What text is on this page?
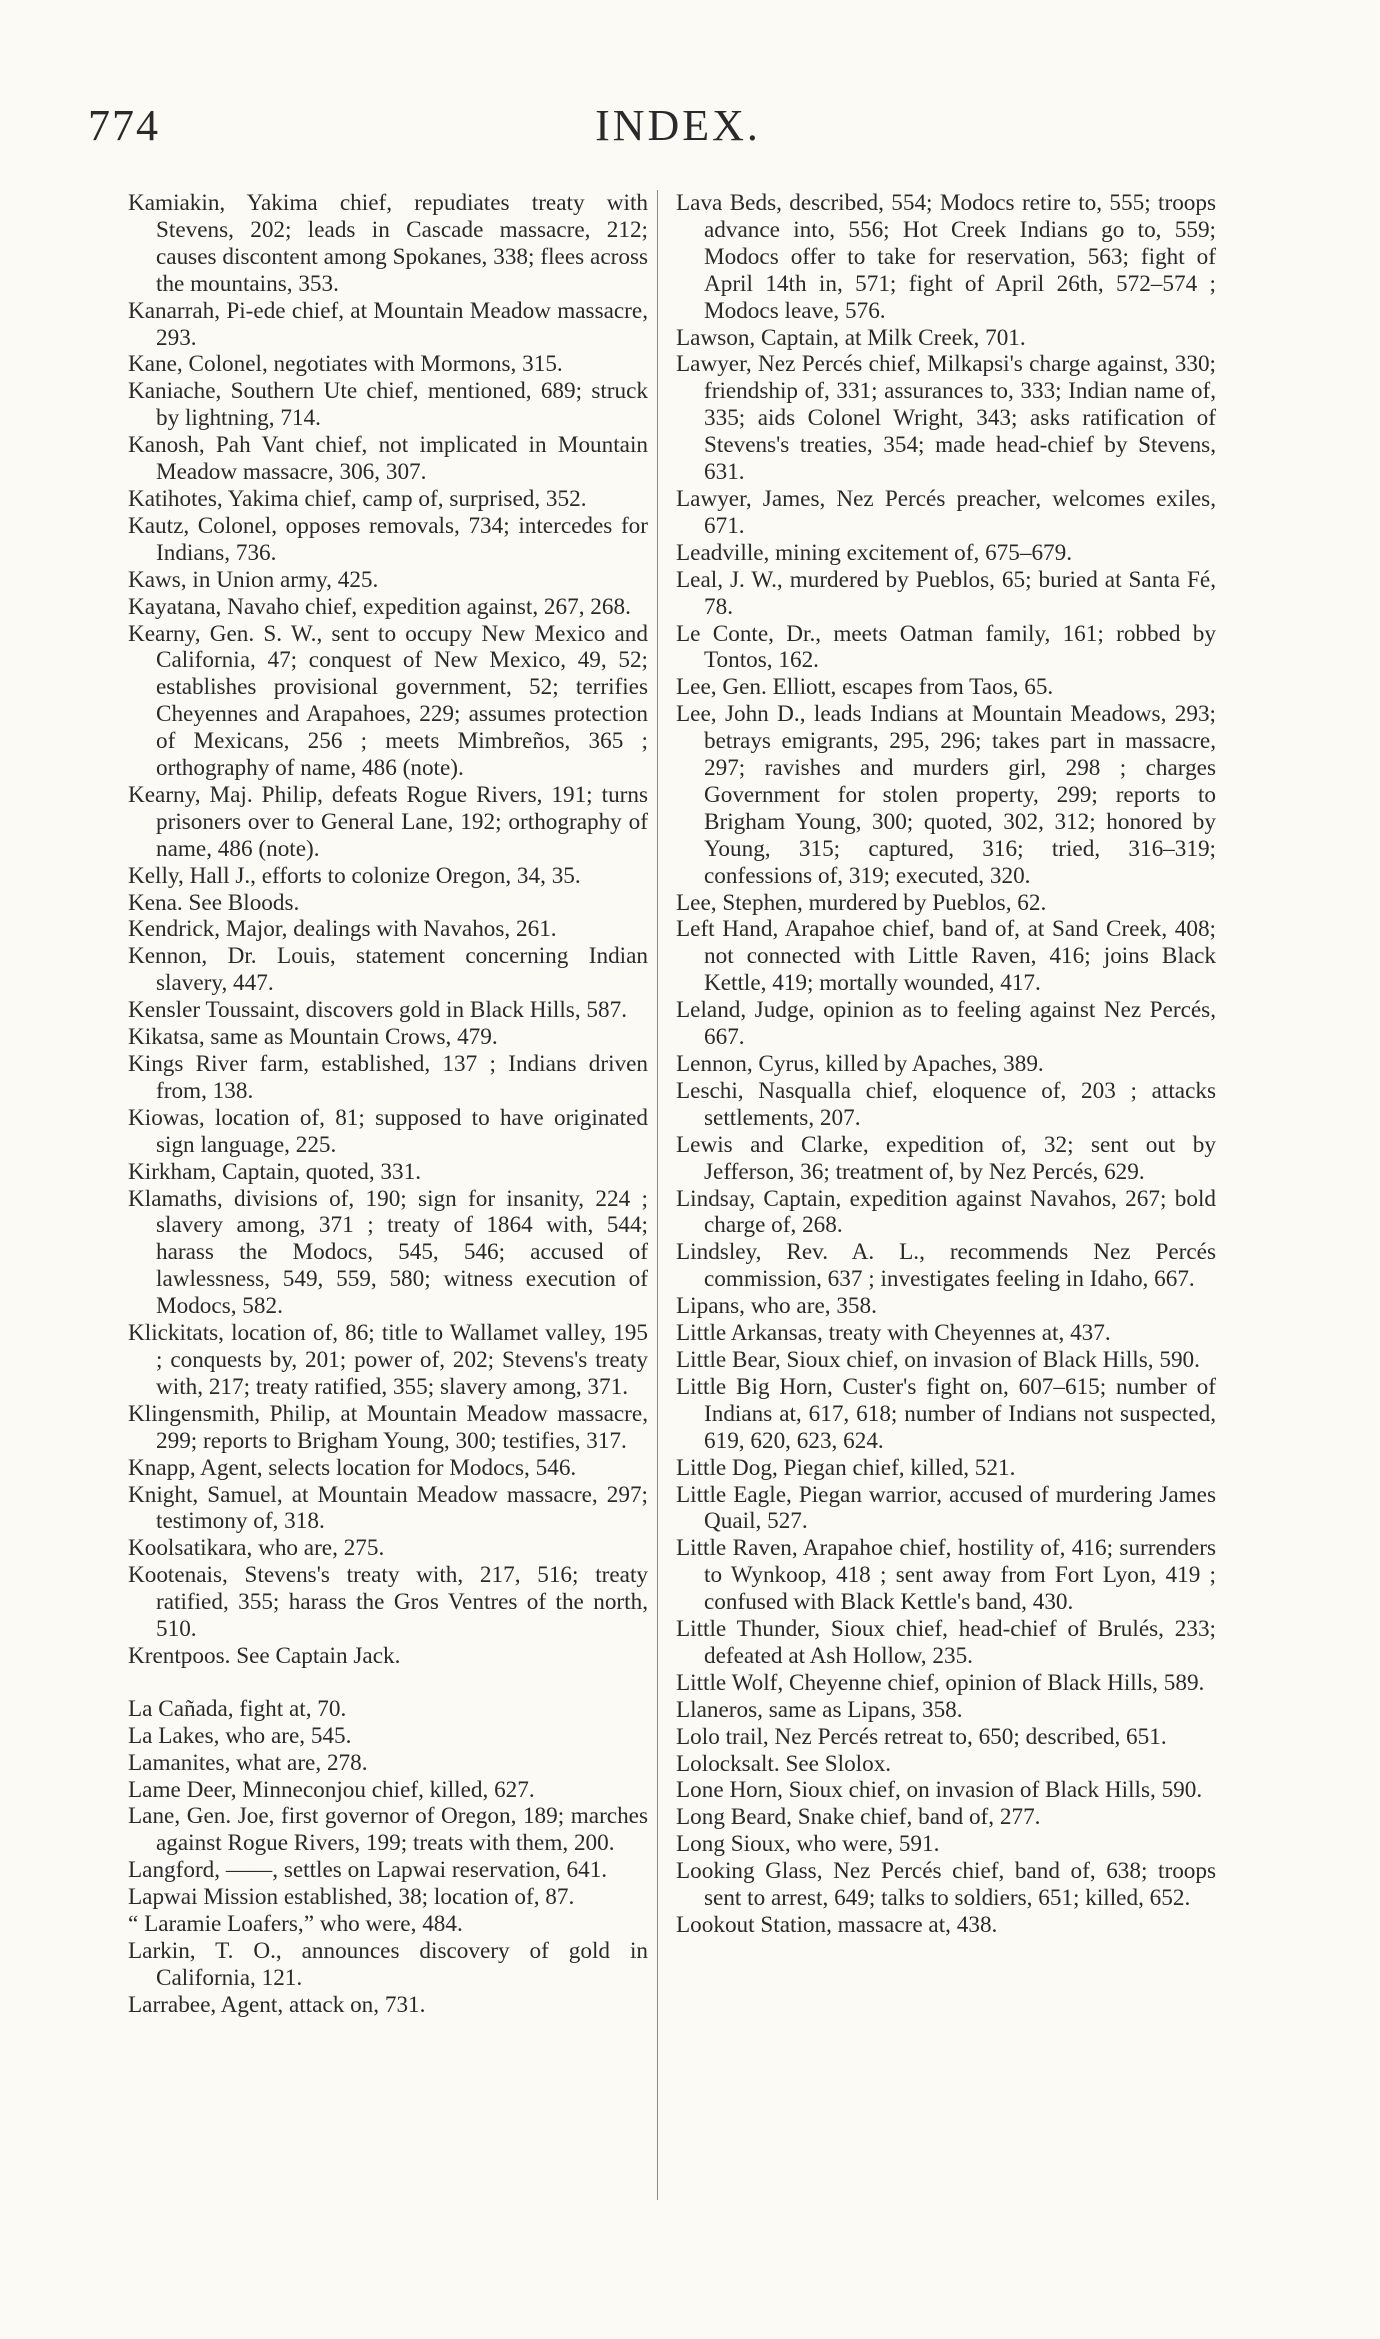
774	INDEX.
Kamiakin, Yakima chief, repudiates treaty with Stevens, 202; leads in Cascade massacre, 212; causes discontent among Spokanes, 338; flees across the mountains, 353.
Kanarrah, Pi-ede chief, at Mountain Meadow massacre, 293.
Kane, Colonel, negotiates with Mormons, 315.
Kaniache, Southern Ute chief, mentioned, 689; struck by lightning, 714.
Kanosh, Pah Vant chief, not implicated in Mountain Meadow massacre, 306, 307.
Katihotes, Yakima chief, camp of, surprised, 352.
Kautz, Colonel, opposes removals, 734; intercedes for Indians, 736.
Kaws, in Union army, 425.
Kayatana, Navaho chief, expedition against, 267, 268.
Kearny, Gen. S. W., sent to occupy New Mexico and California, 47; conquest of New Mexico, 49, 52; establishes provisional government, 52; terrifies Cheyennes and Arapahoes, 229; assumes protection of Mexicans, 256 ; meets Mimbreños, 365 ; orthography of name, 486 (note).
Kearny, Maj. Philip, defeats Rogue Rivers, 191; turns prisoners over to General Lane, 192; orthography of name, 486 (note).
Kelly, Hall J., efforts to colonize Oregon, 34, 35.
Kena. See Bloods.
Kendrick, Major, dealings with Navahos, 261.
Kennon, Dr. Louis, statement concerning Indian slavery, 447.
Kensler Toussaint, discovers gold in Black Hills, 587.
Kikatsa, same as Mountain Crows, 479.
Kings River farm, established, 137 ; Indians driven from, 138.
Kiowas, location of, 81; supposed to have originated sign language, 225.
Kirkham, Captain, quoted, 331.
Klamaths, divisions of, 190; sign for insanity, 224 ; slavery among, 371 ; treaty of 1864 with, 544; harass the Modocs, 545, 546; accused of lawlessness, 549, 559, 580; witness execution of Modocs, 582.
Klickitats, location of, 86; title to Wallamet valley, 195 ; conquests by, 201; power of, 202; Stevens's treaty with, 217; treaty ratified, 355; slavery among, 371.
Klingensmith, Philip, at Mountain Meadow massacre, 299; reports to Brigham Young, 300; testifies, 317.
Knapp, Agent, selects location for Modocs, 546.
Knight, Samuel, at Mountain Meadow massacre, 297; testimony of, 318.
Koolsatikara, who are, 275.
Kootenais, Stevens's treaty with, 217, 516; treaty ratified, 355; harass the Gros Ventres of the north, 510.
Krentpoos. See Captain Jack.
La Cañada, fight at, 70.
La Lakes, who are, 545.
Lamanites, what are, 278.
Lame Deer, Minneconjou chief, killed, 627.
Lane, Gen. Joe, first governor of Oregon, 189; marches against Rogue Rivers, 199; treats with them, 200.
Langford, ——, settles on Lapwai reservation, 641.
Lapwai Mission established, 38; location of, 87.
“ Laramie Loafers,” who were, 484.
Larkin, T. O., announces discovery of gold in California, 121.
Larrabee, Agent, attack on, 731.
Lava Beds, described, 554; Modocs retire to, 555; troops advance into, 556; Hot Creek Indians go to, 559; Modocs offer to take for reservation, 563; fight of April 14th in, 571; fight of April 26th, 572–574 ; Modocs leave, 576.
Lawson, Captain, at Milk Creek, 701.
Lawyer, Nez Percés chief, Milkapsi's charge against, 330; friendship of, 331; assurances to, 333; Indian name of, 335; aids Colonel Wright, 343; asks ratification of Stevens's treaties, 354; made head-chief by Stevens, 631.
Lawyer, James, Nez Percés preacher, welcomes exiles, 671.
Leadville, mining excitement of, 675–679.
Leal, J. W., murdered by Pueblos, 65; buried at Santa Fé, 78.
Le Conte, Dr., meets Oatman family, 161; robbed by Tontos, 162.
Lee, Gen. Elliott, escapes from Taos, 65.
Lee, John D., leads Indians at Mountain Meadows, 293; betrays emigrants, 295, 296; takes part in massacre, 297; ravishes and murders girl, 298 ; charges Government for stolen property, 299; reports to Brigham Young, 300; quoted, 302, 312; honored by Young, 315; captured, 316; tried, 316–319; confessions of, 319; executed, 320.
Lee, Stephen, murdered by Pueblos, 62.
Left Hand, Arapahoe chief, band of, at Sand Creek, 408; not connected with Little Raven, 416; joins Black Kettle, 419; mortally wounded, 417.
Leland, Judge, opinion as to feeling against Nez Percés, 667.
Lennon, Cyrus, killed by Apaches, 389.
Leschi, Nasqualla chief, eloquence of, 203 ; attacks settlements, 207.
Lewis and Clarke, expedition of, 32; sent out by Jefferson, 36; treatment of, by Nez Percés, 629.
Lindsay, Captain, expedition against Navahos, 267; bold charge of, 268.
Lindsley, Rev. A. L., recommends Nez Percés commission, 637 ; investigates feeling in Idaho, 667.
Lipans, who are, 358.
Little Arkansas, treaty with Cheyennes at, 437.
Little Bear, Sioux chief, on invasion of Black Hills, 590.
Little Big Horn, Custer's fight on, 607–615; number of Indians at, 617, 618; number of Indians not suspected, 619, 620, 623, 624.
Little Dog, Piegan chief, killed, 521.
Little Eagle, Piegan warrior, accused of murdering James Quail, 527.
Little Raven, Arapahoe chief, hostility of, 416; surrenders to Wynkoop, 418 ; sent away from Fort Lyon, 419 ; confused with Black Kettle's band, 430.
Little Thunder, Sioux chief, head-chief of Brulés, 233; defeated at Ash Hollow, 235.
Little Wolf, Cheyenne chief, opinion of Black Hills, 589.
Llaneros, same as Lipans, 358.
Lolo trail, Nez Percés retreat to, 650; described, 651.
Lolocksalt. See Slolox.
Lone Horn, Sioux chief, on invasion of Black Hills, 590.
Long Beard, Snake chief, band of, 277.
Long Sioux, who were, 591.
Looking Glass, Nez Percés chief, band of, 638; troops sent to arrest, 649; talks to soldiers, 651; killed, 652.
Lookout Station, massacre at, 438.
